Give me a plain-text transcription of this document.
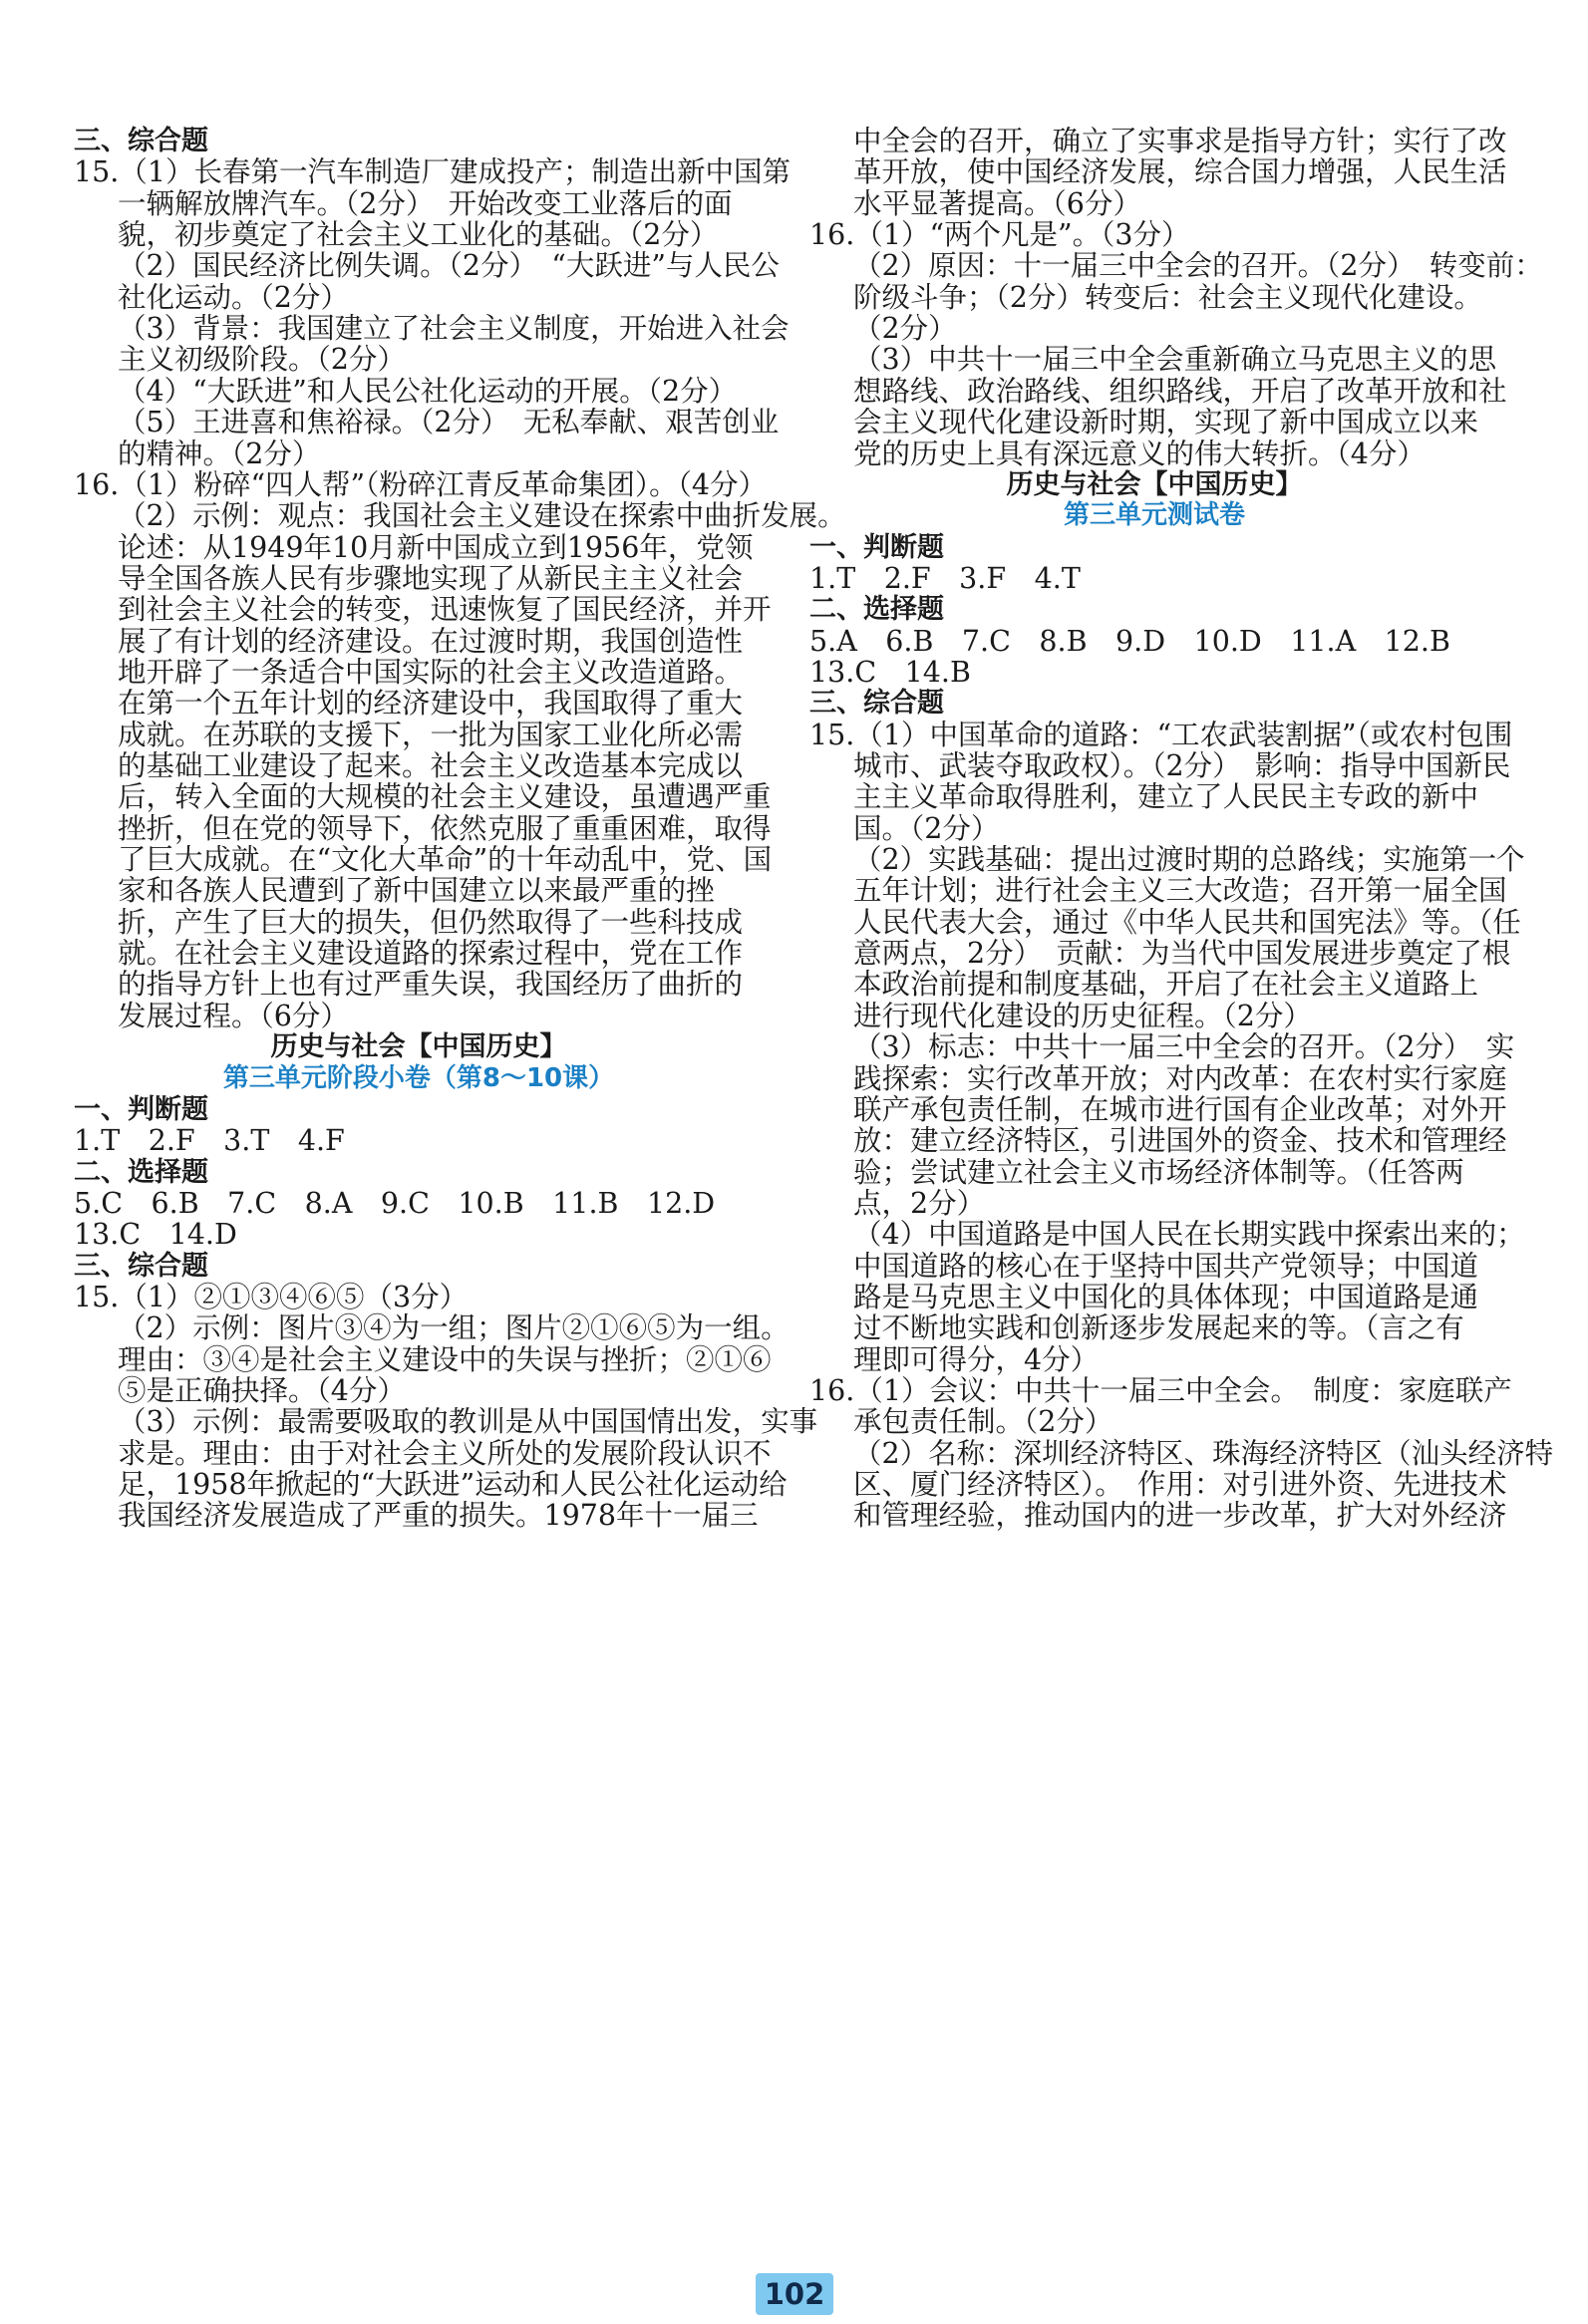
三、综合题
15.（1）长春第一汽车制造厂建成投产；制造出新中国第
一辆解放牌汽车。（2分）　开始改变工业落后的面
貌，初步奠定了社会主义工业化的基础。（2分）
（2）国民经济比例失调。（2分）　“大跃进”与人民公
社化运动。（2分）
（3）背景：我国建立了社会主义制度，开始进入社会
主义初级阶段。（2分）
（4）“大跃进”和人民公社化运动的开展。（2分）
（5）王进喜和焦裕禄。（2分）　无私奉献、艰苦创业
的精神。（2分）
16.（1）粉碎“四人帮”（粉碎江青反革命集团）。（4分）
（2）示例：观点：我国社会主义建设在探索中曲折发展。
论述：从1949年10月新中国成立到1956年，党领
导全国各族人民有步骤地实现了从新民主主义社会
到社会主义社会的转变，迅速恢复了国民经济，并开
展了有计划的经济建设。在过渡时期，我国创造性
地开辟了一条适合中国实际的社会主义改造道路。
在第一个五年计划的经济建设中，我国取得了重大
成就。在苏联的支援下，一批为国家工业化所必需
的基础工业建设了起来。社会主义改造基本完成以
后，转入全面的大规模的社会主义建设，虽遭遇严重
挫折，但在党的领导下，依然克服了重重困难，取得
了巨大成就。在“文化大革命”的十年动乱中，党、国
家和各族人民遭到了新中国建立以来最严重的挫
折，产生了巨大的损失，但仍然取得了一些科技成
就。在社会主义建设道路的探索过程中，党在工作
的指导方针上也有过严重失误，我国经历了曲折的
发展过程。（6分）
历史与社会【中国历史】
第三单元阶段小卷（第8～10课）
一、判断题
1.T　2.F　3.T　4.F
二、选择题
5.C　6.B　7.C　8.A　9.C　10.B　11.B　12.D
13.C　14.D
三、综合题
15.（1）②①③④⑥⑤（3分）
（2）示例：图片③④为一组；图片②①⑥⑤为一组。
理由：③④是社会主义建设中的失误与挫折；②①⑥
⑤是正确抉择。（4分）
（3）示例：最需要吸取的教训是从中国国情出发，实事
求是。理由：由于对社会主义所处的发展阶段认识不
足，1958年掀起的“大跃进”运动和人民公社化运动给
我国经济发展造成了严重的损失。1978年十一届三
中全会的召开，确立了实事求是指导方针；实行了改
革开放，使中国经济发展，综合国力增强，人民生活
水平显著提高。（6分）
16.（1）“两个凡是”。（3分）
（2）原因：十一届三中全会的召开。（2分）　转变前：
阶级斗争；（2分）转变后：社会主义现代化建设。
（2分）
（3）中共十一届三中全会重新确立马克思主义的思
想路线、政治路线、组织路线，开启了改革开放和社
会主义现代化建设新时期，实现了新中国成立以来
党的历史上具有深远意义的伟大转折。（4分）
历史与社会【中国历史】
第三单元测试卷
一、判断题
1.T　2.F　3.F　4.T
二、选择题
5.A　6.B　7.C　8.B　9.D　10.D　11.A　12.B
13.C　14.B
三、综合题
15.（1）中国革命的道路：“工农武装割据”（或农村包围
城市、武装夺取政权）。（2分）　影响：指导中国新民
主主义革命取得胜利，建立了人民民主专政的新中
国。（2分）
（2）实践基础：提出过渡时期的总路线；实施第一个
五年计划；进行社会主义三大改造；召开第一届全国
人民代表大会，通过《中华人民共和国宪法》等。（任
意两点，2分）　贡献：为当代中国发展进步奠定了根
本政治前提和制度基础，开启了在社会主义道路上
进行现代化建设的历史征程。（2分）
（3）标志：中共十一届三中全会的召开。（2分）　实
践探索：实行改革开放；对内改革：在农村实行家庭
联产承包责任制，在城市进行国有企业改革；对外开
放：建立经济特区，引进国外的资金、技术和管理经
验；尝试建立社会主义市场经济体制等。（任答两
点，2分）
（4）中国道路是中国人民在长期实践中探索出来的；
中国道路的核心在于坚持中国共产党领导；中国道
路是马克思主义中国化的具体体现；中国道路是通
过不断地实践和创新逐步发展起来的等。（言之有
理即可得分，4分）
16.（1）会议：中共十一届三中全会。　制度：家庭联产
承包责任制。（2分）
（2）名称：深圳经济特区、珠海经济特区（汕头经济特
区、厦门经济特区）。　作用：对引进外资、先进技术
和管理经验，推动国内的进一步改革，扩大对外经济
102
